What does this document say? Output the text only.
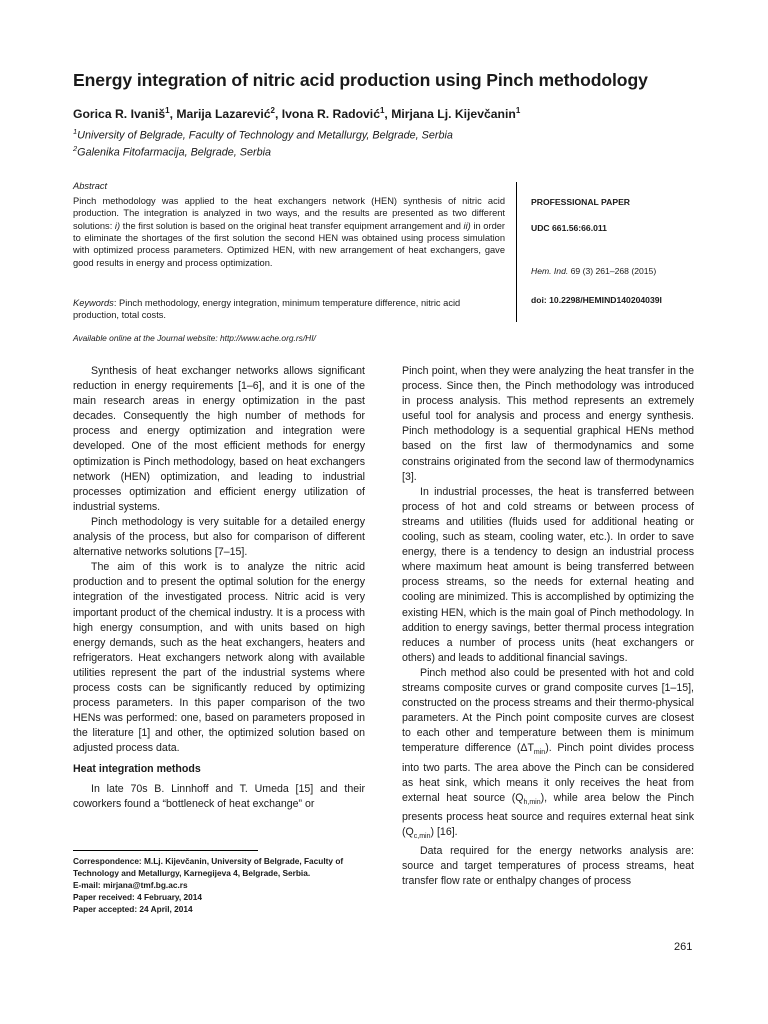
Energy integration of nitric acid production using Pinch methodology
Gorica R. Ivaniš$^1$, Marija Lazarević$^2$, Ivona R. Radović$^1$, Mirjana Lj. Kijevčanin$^1$
$^1$University of Belgrade, Faculty of Technology and Metallurgy, Belgrade, Serbia
$^2$Galenika Fitofarmacija, Belgrade, Serbia
Abstract

Pinch methodology was applied to the heat exchangers network (HEN) synthesis of nitric acid production. The integration is analyzed in two ways, and the results are presented as two different solutions: i) the first solution is based on the original heat transfer equipment arrangement and ii) in order to eliminate the shortages of the first solution the second HEN was obtained using process simulation with optimized process parameters. Optimized HEN, with new arrangement of heat exchangers, gave good results in energy and process optimization.

Keywords: Pinch methodology, energy integration, minimum temperature difference, nitric acid production, total costs.

PROFESSIONAL PAPER
UDC 661.56:66.011
Hem. Ind. 69 (3) 261–268 (2015)
doi: 10.2298/HEMIND140204039I
Available online at the Journal website: http://www.ache.org.rs/HI/

Synthesis of heat exchanger networks allows significant reduction in energy requirements [1–6], and it is one of the main research areas in energy optimization in the past decades. Consequently the high number of methods for process and energy optimization and integration were developed. One of the most efficient methods for energy optimization is Pinch methodology, based on heat exchangers network (HEN) optimization, and leading to industrial processes optimization and efficient energy utilization of industrial systems.

Pinch methodology is very suitable for a detailed energy analysis of the process, but also for comparison of different alternative networks solutions [7–15].

The aim of this work is to analyze the nitric acid production and to present the optimal solution for the energy integration of the investigated process. Nitric acid is very important product of the chemical industry. It is a process with high energy consumption, and with units based on high energy demands, such as the heat exchangers, heaters and refrigerators. Heat exchangers network along with available utilities represent the part of the industrial systems where process costs can be significantly reduced by optimizing process parameters. In this paper comparison of the two HENs was performed: one, based on parameters proposed in the literature [1] and other, the optimized solution based on adjusted process data.

Heat integration methods

In late 70s B. Linnhoff and T. Umeda [15] and their coworkers found a “bottleneck of heat exchange” or

Pinch point, when they were analyzing the heat transfer in the process. Since then, the Pinch methodology was introduced in process analysis. This method represents an extremely useful tool for analysis and process and energy synthesis. Pinch methodology is a sequential graphical HENs method based on the first law of thermodynamics and some constrains originated from the second law of thermodynamics [3].

In industrial processes, the heat is transferred between process of hot and cold streams or between process of streams and utilities (fluids used for additional heating or cooling, such as steam, cooling water, etc.). In order to save energy, there is a tendency to design an industrial process where maximum heat amount is being transferred between process streams, so the needs for external heating and cooling are minimized. This is accomplished by optimizing the existing HEN, which is the main goal of Pinch methodology. In addition to energy savings, better thermal process integration reduces a number of process units (heat exchangers or others) and leads to additional financial savings.

Pinch method also could be presented with hot and cold streams composite curves or grand composite curves [1–15], constructed on the process streams and their thermo-physical parameters. At the Pinch point composite curves are closest to each other and temperature between them is minimum temperature difference $(\Delta T_{min})$. Pinch point divides process into two parts. The area above the Pinch can be considered as heat sink, which means it only receives the heat from external heat source $(Q_{h,min})$, while area below the Pinch presents process heat source and requires external heat sink $(Q_{c,min})$ [16].

Data required for the energy networks analysis are: source and target temperatures of process streams, heat transfer flow rate or enthalpy changes of process

Correspondence: M.Lj. Kijevčanin, University of Belgrade, Faculty of
Technology and Metallurgy, Karnegijeva 4, Belgrade, Serbia.
E-mail: mirjana@tmf.bg.ac.rs
Paper received: 4 February, 2014
Paper accepted: 24 April, 2014
261
